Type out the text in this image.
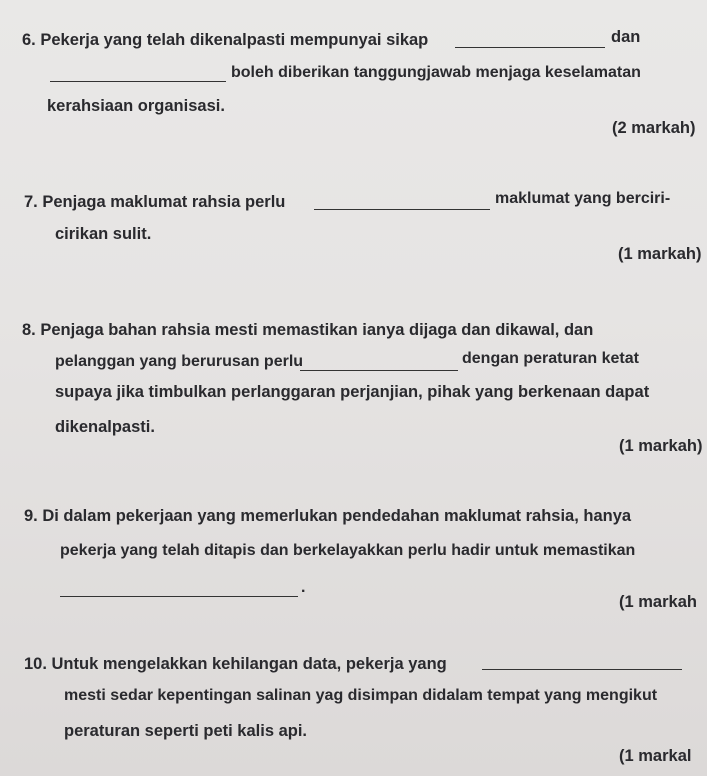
6. Pekerja yang telah dikenalpasti mempunyai sikap	dan
boleh diberikan tanggungjawab menjaga keselamatan
kerahsiaan organisasi.
(2 markah)
7. Penjaga maklumat rahsia perlu	maklumat yang berciri-
cirikan sulit.
(1 markah)
8. Penjaga bahan rahsia mesti memastikan ianya dijaga dan dikawal, dan
pelanggan yang berurusan perlu	dengan peraturan ketat
supaya jika timbulkan perlanggaran perjanjian, pihak yang berkenaan dapat
dikenalpasti.
(1 markah)
9. Di dalam pekerjaan yang memerlukan pendedahan maklumat rahsia, hanya
pekerja yang telah ditapis dan berkelayakkan perlu hadir untuk memastikan
.
(1 markah
10. Untuk mengelakkan kehilangan data, pekerja yang
mesti sedar kepentingan salinan yag disimpan didalam tempat yang mengikut
peraturan seperti peti kalis api.
(1 markal
